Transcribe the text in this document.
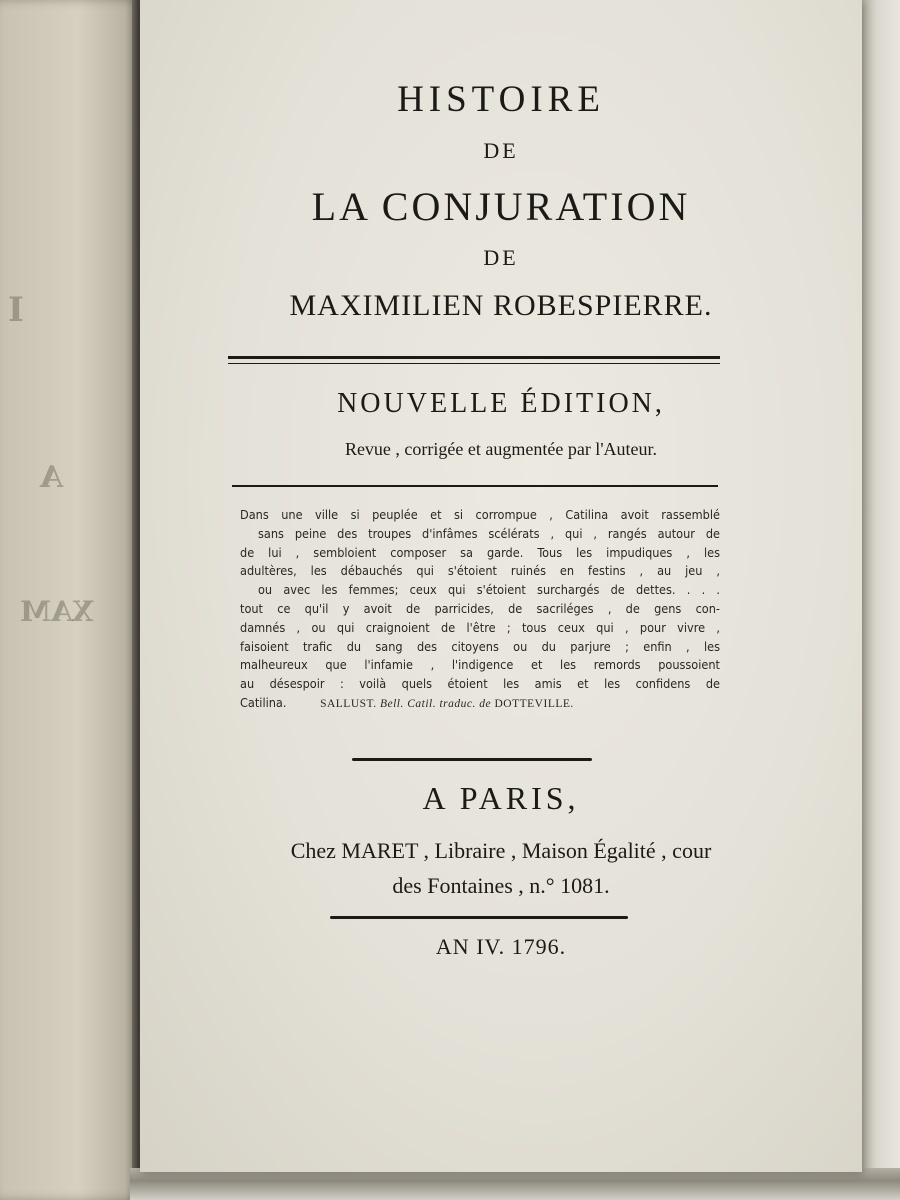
I
A
XAM
HISTOIRE
DE
LA CONJURATION
DE
MAXIMILIEN ROBESPIERRE.
NOUVELLE ÉDITION,
Revue , corrigée et augmentée par l'Auteur.
Dans une ville si peuplée et si corrompue , Catilina avoit rassemblé
sans peine des troupes d'infâmes scélérats , qui , rangés autour de
de lui , sembloient composer sa garde. Tous les impudiques , les
adultères, les débauchés qui s'étoient ruinés en festins , au jeu ,
ou avec les femmes; ceux qui s'étoient surchargés de dettes. . . .
tout ce qu'il y avoit de parricides, de sacriléges , de gens con-
damnés , ou qui craignoient de l'être ; tous ceux qui , pour vivre ,
faisoient trafic du sang des citoyens ou du parjure ; enfin , les
malheureux que l'infamie , l'indigence et les remords poussoient
au désespoir : voilà quels étoient les amis et les confidens de
Catilina.	SALLUST. Bell. Catil. traduc. de DOTTEVILLE.
A PARIS,
Chez MARET , Libraire , Maison Égalité , cour
des Fontaines , n.° 1081.
AN IV. 1796.
